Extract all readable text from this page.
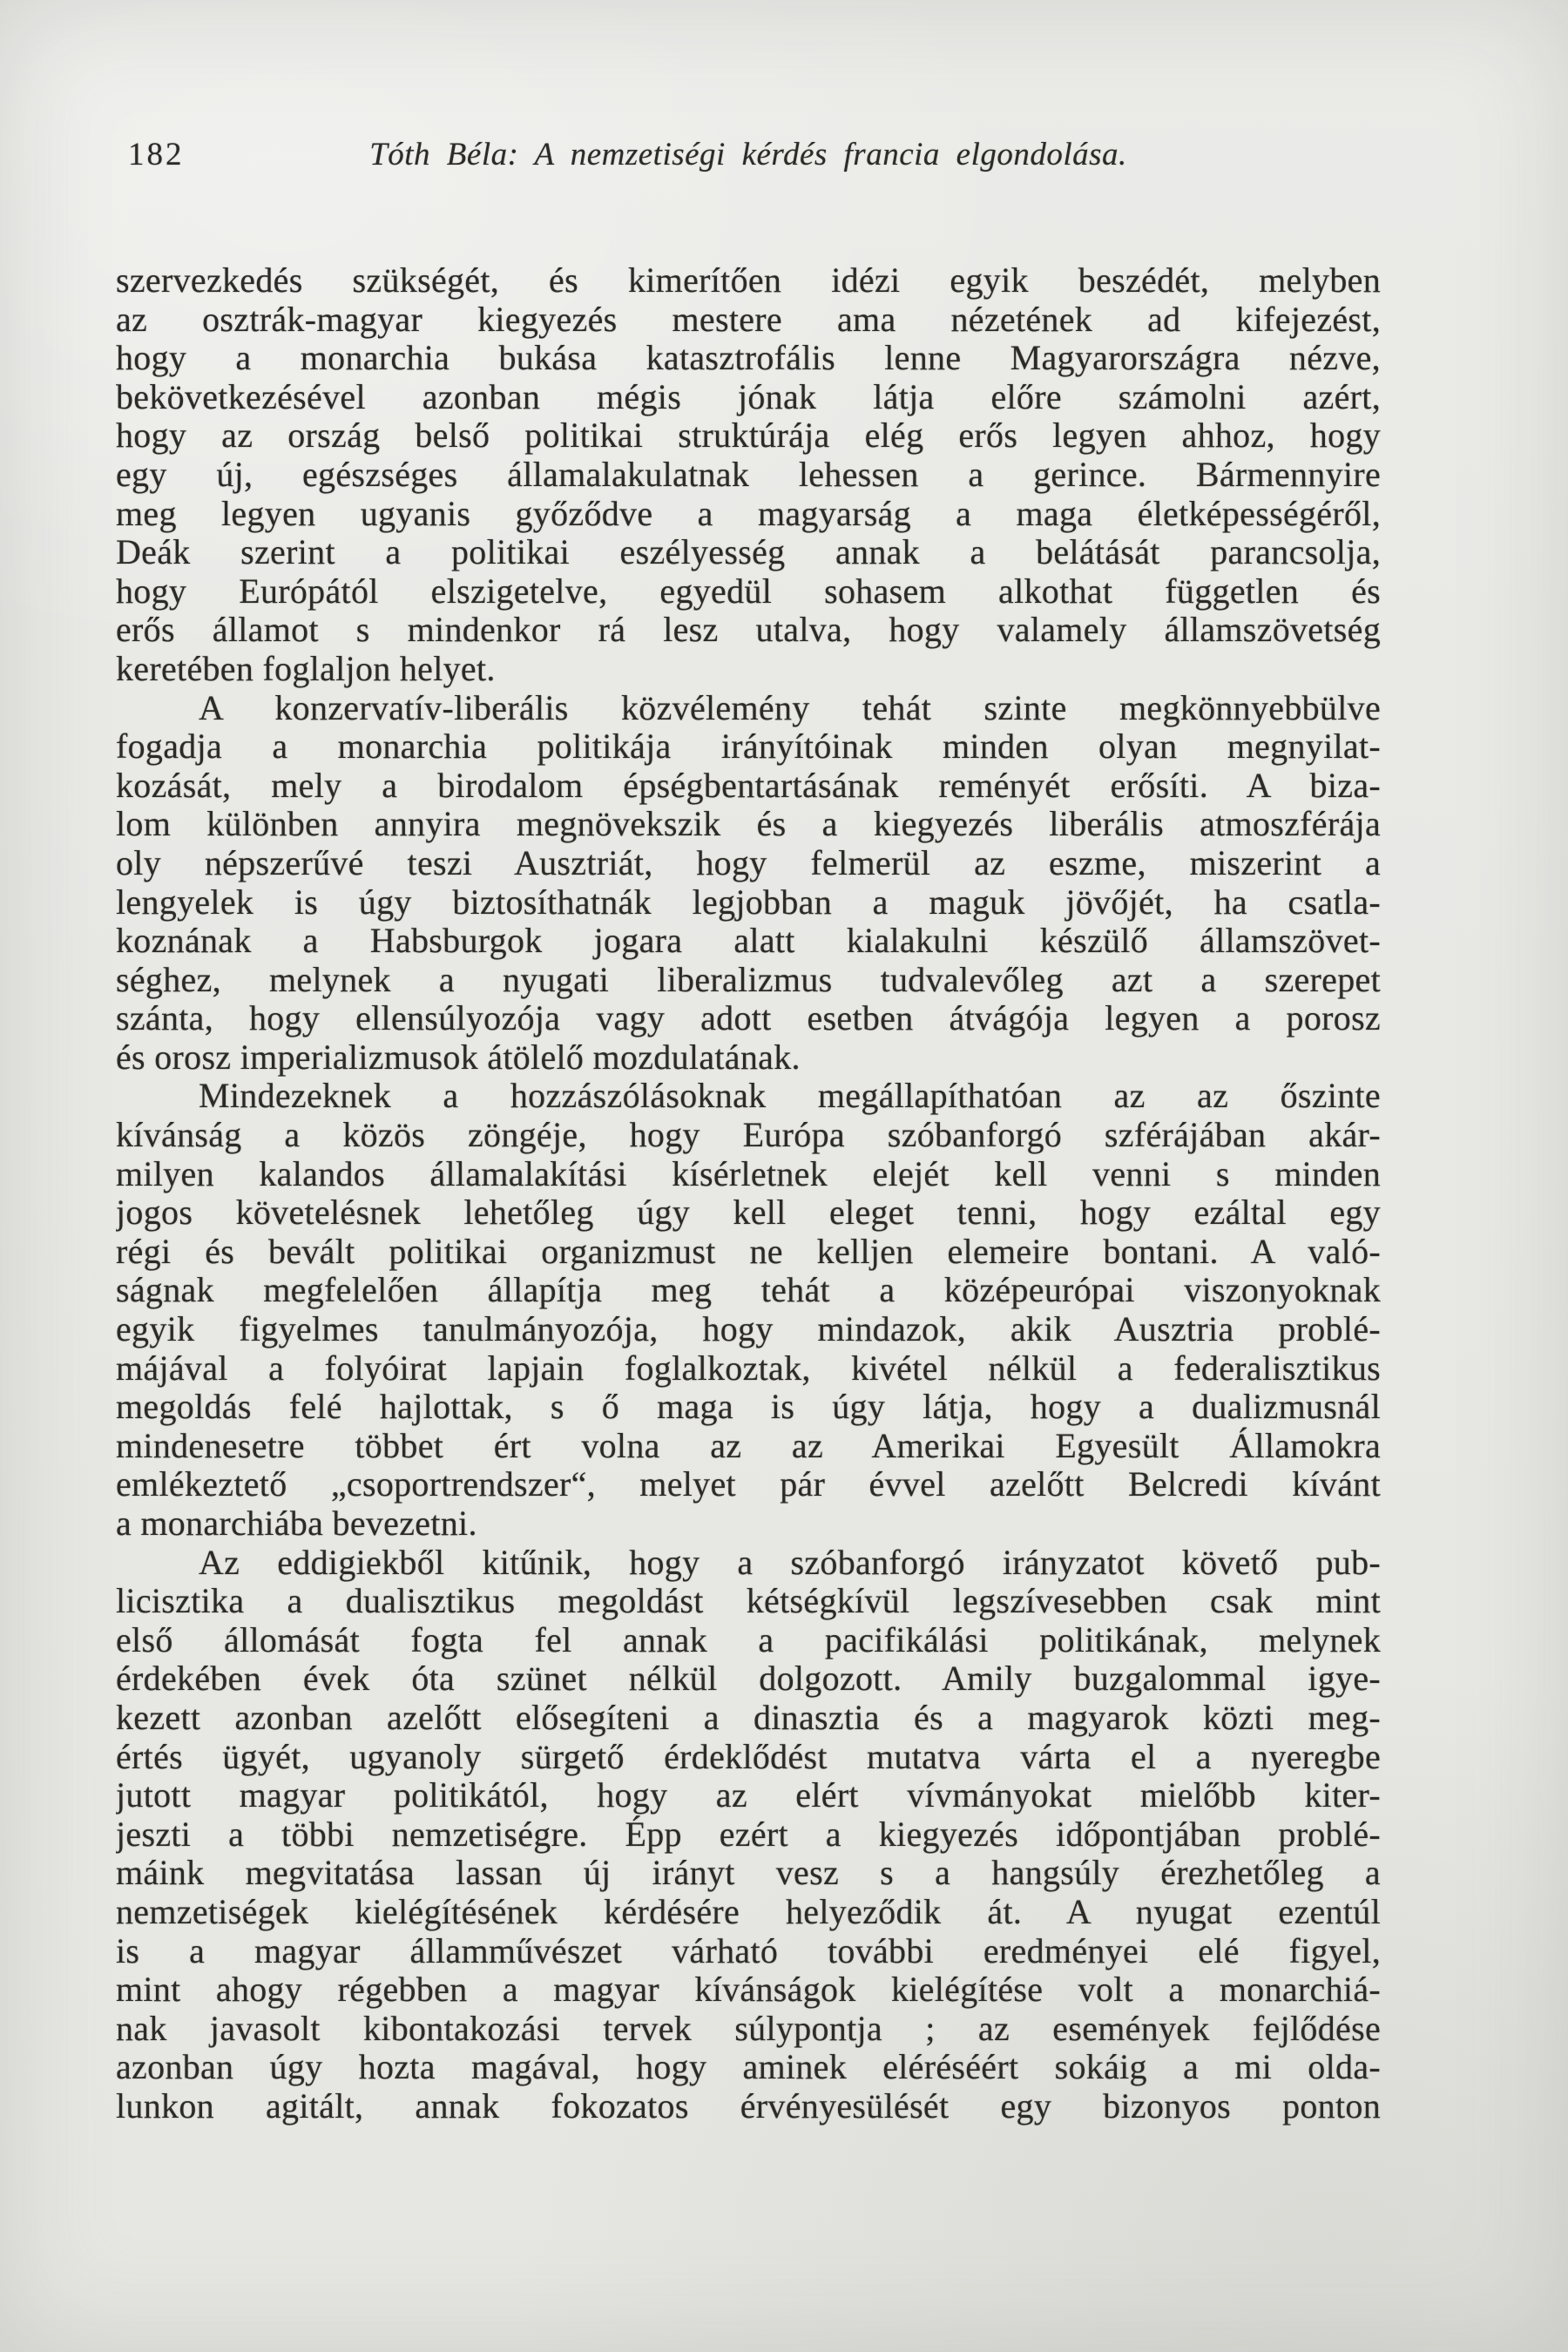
182	Tóth Béla: A nemzetiségi kérdés francia elgondolása.
szervezkedés szükségét, és kimerítően idézi egyik beszédét, melyben
az osztrák-magyar kiegyezés mestere ama nézetének ad kifejezést,
hogy a monarchia bukása katasztrofális lenne Magyarországra nézve,
bekövetkezésével azonban mégis jónak látja előre számolni azért,
hogy az ország belső politikai struktúrája elég erős legyen ahhoz, hogy
egy új, egészséges államalakulatnak lehessen a gerince. Bármennyire
meg legyen ugyanis győződve a magyarság a maga életképességéről,
Deák szerint a politikai eszélyesség annak a belátását parancsolja,
hogy Európától elszigetelve, egyedül sohasem alkothat független és
erős államot s mindenkor rá lesz utalva, hogy valamely államszövetség
keretében foglaljon helyet.
A konzervatív-liberális közvélemény tehát szinte megkönnyebbülve
fogadja a monarchia politikája irányítóinak minden olyan megnyilat-
kozását, mely a birodalom épségbentartásának reményét erősíti. A biza-
lom különben annyira megnövekszik és a kiegyezés liberális atmoszférája
oly népszerűvé teszi Ausztriát, hogy felmerül az eszme, miszerint a
lengyelek is úgy biztosíthatnák legjobban a maguk jövőjét, ha csatla-
koznának a Habsburgok jogara alatt kialakulni készülő államszövet-
séghez, melynek a nyugati liberalizmus tudvalevőleg azt a szerepet
szánta, hogy ellensúlyozója vagy adott esetben átvágója legyen a porosz
és orosz imperializmusok átölelő mozdulatának.
Mindezeknek a hozzászólásoknak megállapíthatóan az az őszinte
kívánság a közös zöngéje, hogy Európa szóbanforgó szférájában akár-
milyen kalandos államalakítási kísérletnek elejét kell venni s minden
jogos követelésnek lehetőleg úgy kell eleget tenni, hogy ezáltal egy
régi és bevált politikai organizmust ne kelljen elemeire bontani. A való-
ságnak megfelelően állapítja meg tehát a középeurópai viszonyoknak
egyik figyelmes tanulmányozója, hogy mindazok, akik Ausztria problé-
májával a folyóirat lapjain foglalkoztak, kivétel nélkül a federalisztikus
megoldás felé hajlottak, s ő maga is úgy látja, hogy a dualizmusnál
mindenesetre többet ért volna az az Amerikai Egyesült Államokra
emlékeztető „csoportrendszer“, melyet pár évvel azelőtt Belcredi kívánt
a monarchiába bevezetni.
Az eddigiekből kitűnik, hogy a szóbanforgó irányzatot követő pub-
licisztika a dualisztikus megoldást kétségkívül legszívesebben csak mint
első állomását fogta fel annak a pacifikálási politikának, melynek
érdekében évek óta szünet nélkül dolgozott. Amily buzgalommal igye-
kezett azonban azelőtt elősegíteni a dinasztia és a magyarok közti meg-
értés ügyét, ugyanoly sürgető érdeklődést mutatva várta el a nyeregbe
jutott magyar politikától, hogy az elért vívmányokat mielőbb kiter-
jeszti a többi nemzetiségre. Épp ezért a kiegyezés időpontjában problé-
máink megvitatása lassan új irányt vesz s a hangsúly érezhetőleg a
nemzetiségek kielégítésének kérdésére helyeződik át. A nyugat ezentúl
is a magyar államművészet várható további eredményei elé figyel,
mint ahogy régebben a magyar kívánságok kielégítése volt a monarchiá-
nak javasolt kibontakozási tervek súlypontja ; az események fejlődése
azonban úgy hozta magával, hogy aminek eléréséért sokáig a mi olda-
lunkon agitált, annak fokozatos érvényesülését egy bizonyos ponton
